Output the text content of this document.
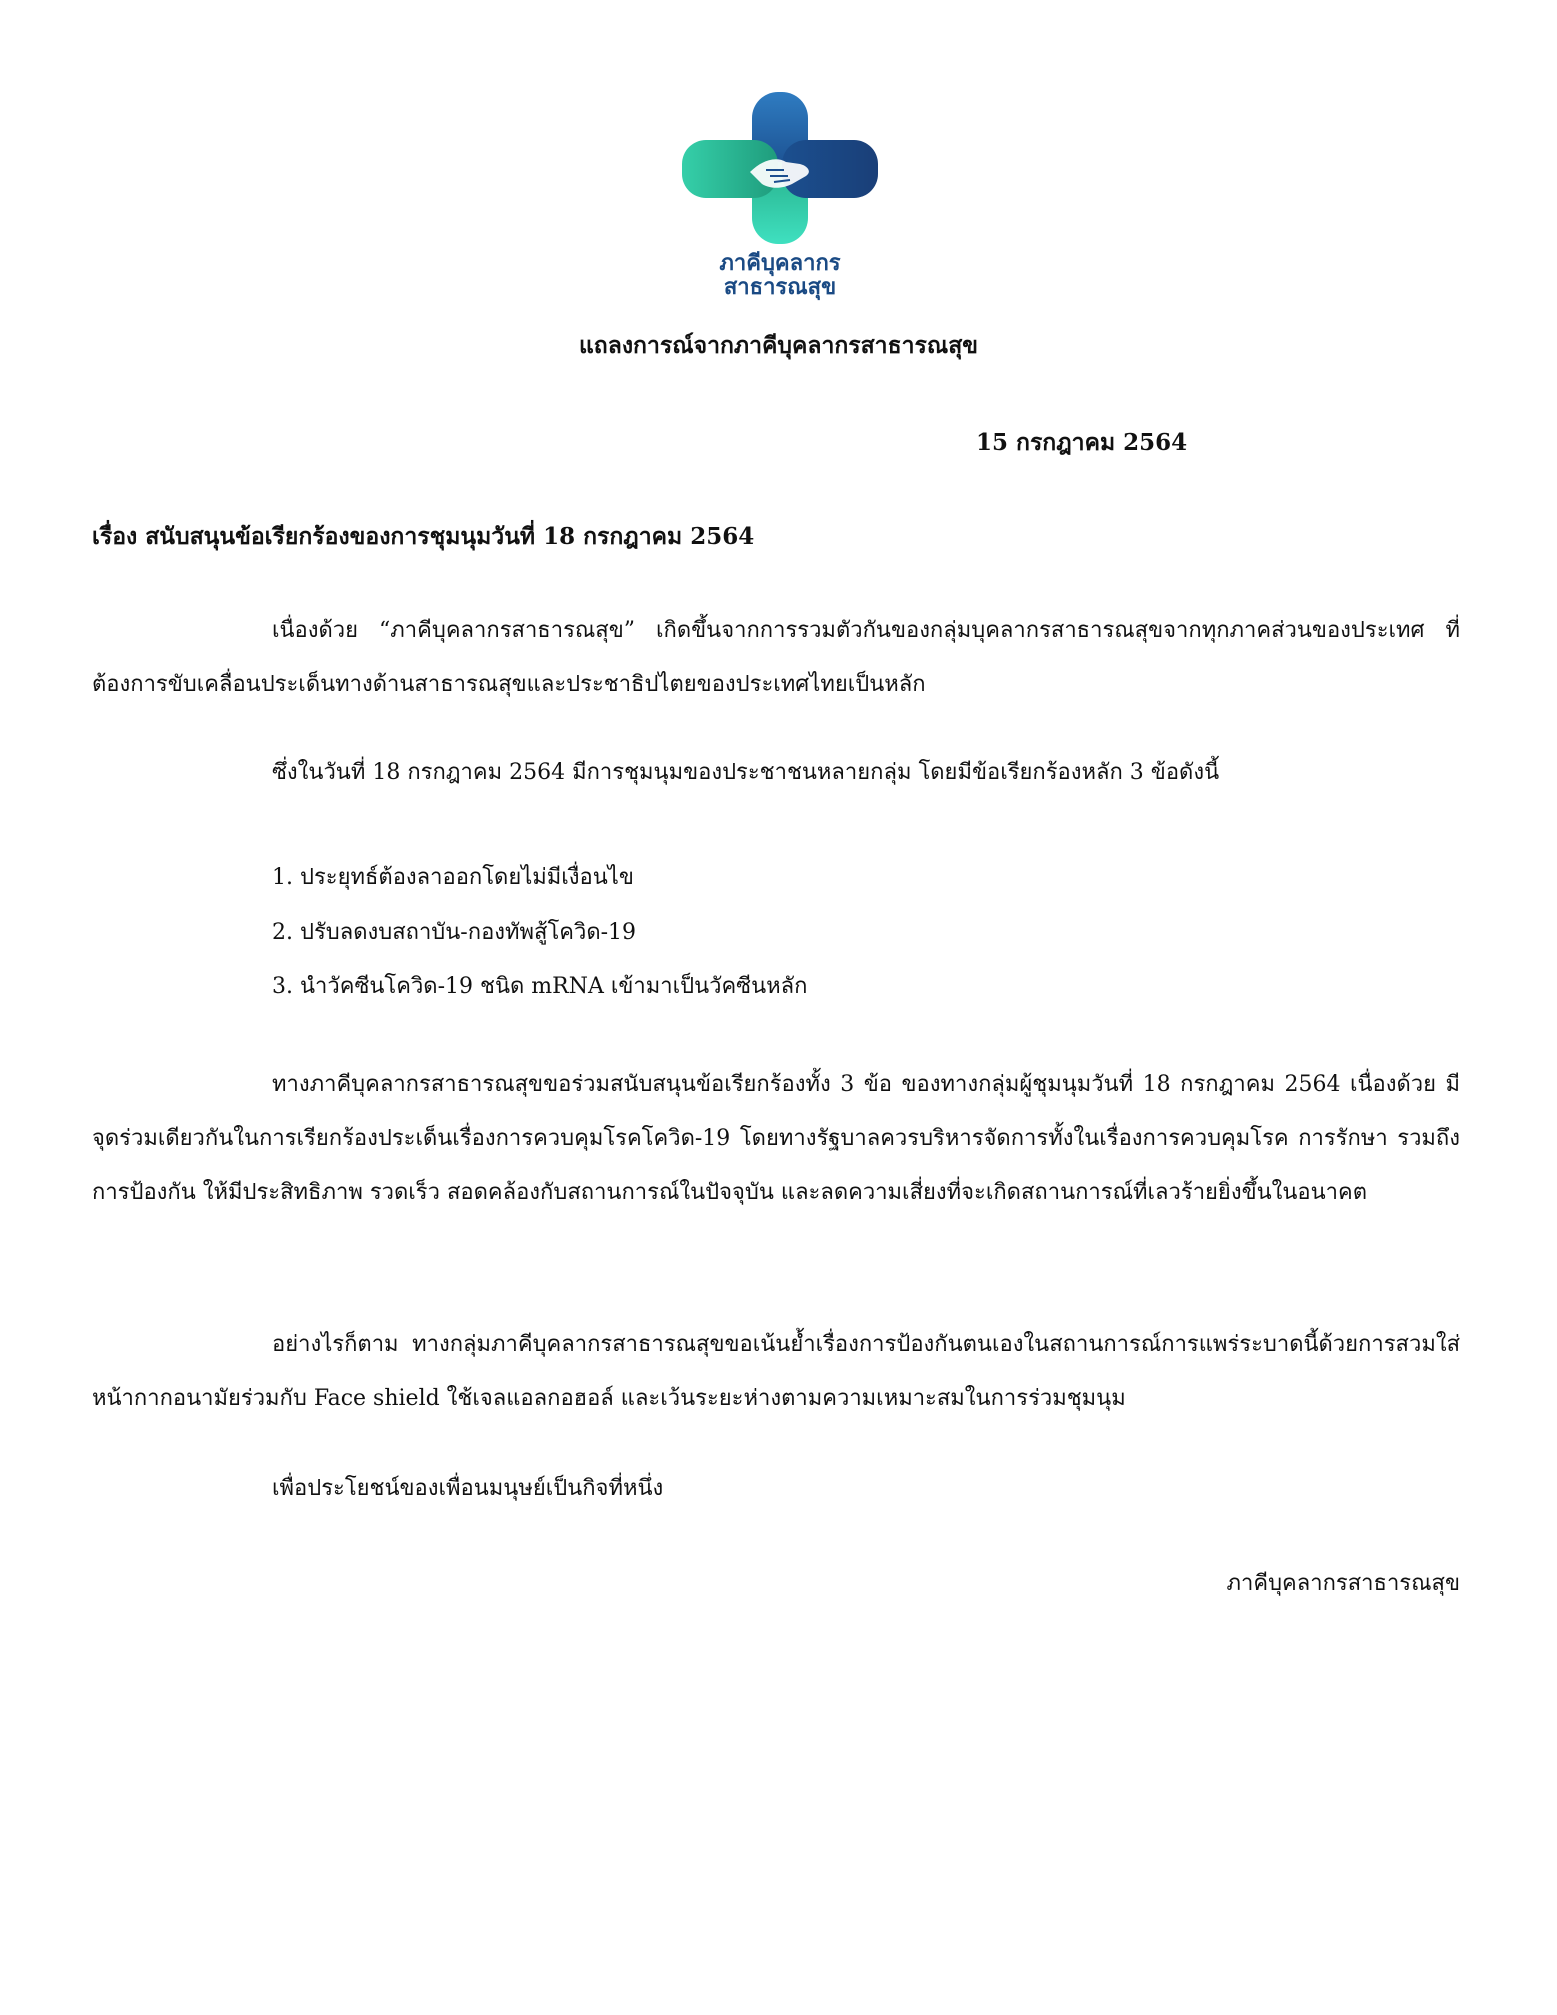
ภาคีบุคลากร
สาธารณสุข
แถลงการณ์จากภาคีบุคลากรสาธารณสุข
15 กรกฎาคม 2564
เรื่อง สนับสนุนข้อเรียกร้องของการชุมนุมวันที่ 18 กรกฎาคม 2564
เนื่องด้วย “ภาคีบุคลากรสาธารณสุข” เกิดขึ้นจากการรวมตัวกันของกลุ่มบุคลากรสาธารณสุขจากทุกภาคส่วนของประเทศ ที่ต้องการขับเคลื่อนประเด็นทางด้านสาธารณสุขและประชาธิปไตยของประเทศไทยเป็นหลัก
ซึ่งในวันที่ 18 กรกฎาคม 2564 มีการชุมนุมของประชาชนหลายกลุ่ม โดยมีข้อเรียกร้องหลัก 3 ข้อดังนี้
1. ประยุทธ์ต้องลาออกโดยไม่มีเงื่อนไข
2. ปรับลดงบสถาบัน-กองทัพสู้โควิด-19
3. นำวัคซีนโควิด-19 ชนิด mRNA เข้ามาเป็นวัคซีนหลัก
ทางภาคีบุคลากรสาธารณสุขขอร่วมสนับสนุนข้อเรียกร้องทั้ง 3 ข้อ ของทางกลุ่มผู้ชุมนุมวันที่ 18 กรกฎาคม 2564 เนื่องด้วย มีจุดร่วมเดียวกันในการเรียกร้องประเด็นเรื่องการควบคุมโรคโควิด-19 โดยทางรัฐบาลควรบริหารจัดการทั้งในเรื่องการควบคุมโรค การรักษา รวมถึงการป้องกัน ให้มีประสิทธิภาพ รวดเร็ว สอดคล้องกับสถานการณ์ในปัจจุบัน และลดความเสี่ยงที่จะเกิดสถานการณ์ที่เลวร้ายยิ่งขึ้นในอนาคต
อย่างไรก็ตาม ทางกลุ่มภาคีบุคลากรสาธารณสุขขอเน้นย้ำเรื่องการป้องกันตนเองในสถานการณ์การแพร่ระบาดนี้ด้วยการสวมใส่หน้ากากอนามัยร่วมกับ Face shield ใช้เจลแอลกอฮอล์ และเว้นระยะห่างตามความเหมาะสมในการร่วมชุมนุม
เพื่อประโยชน์ของเพื่อนมนุษย์เป็นกิจที่หนึ่ง
ภาคีบุคลากรสาธารณสุข
